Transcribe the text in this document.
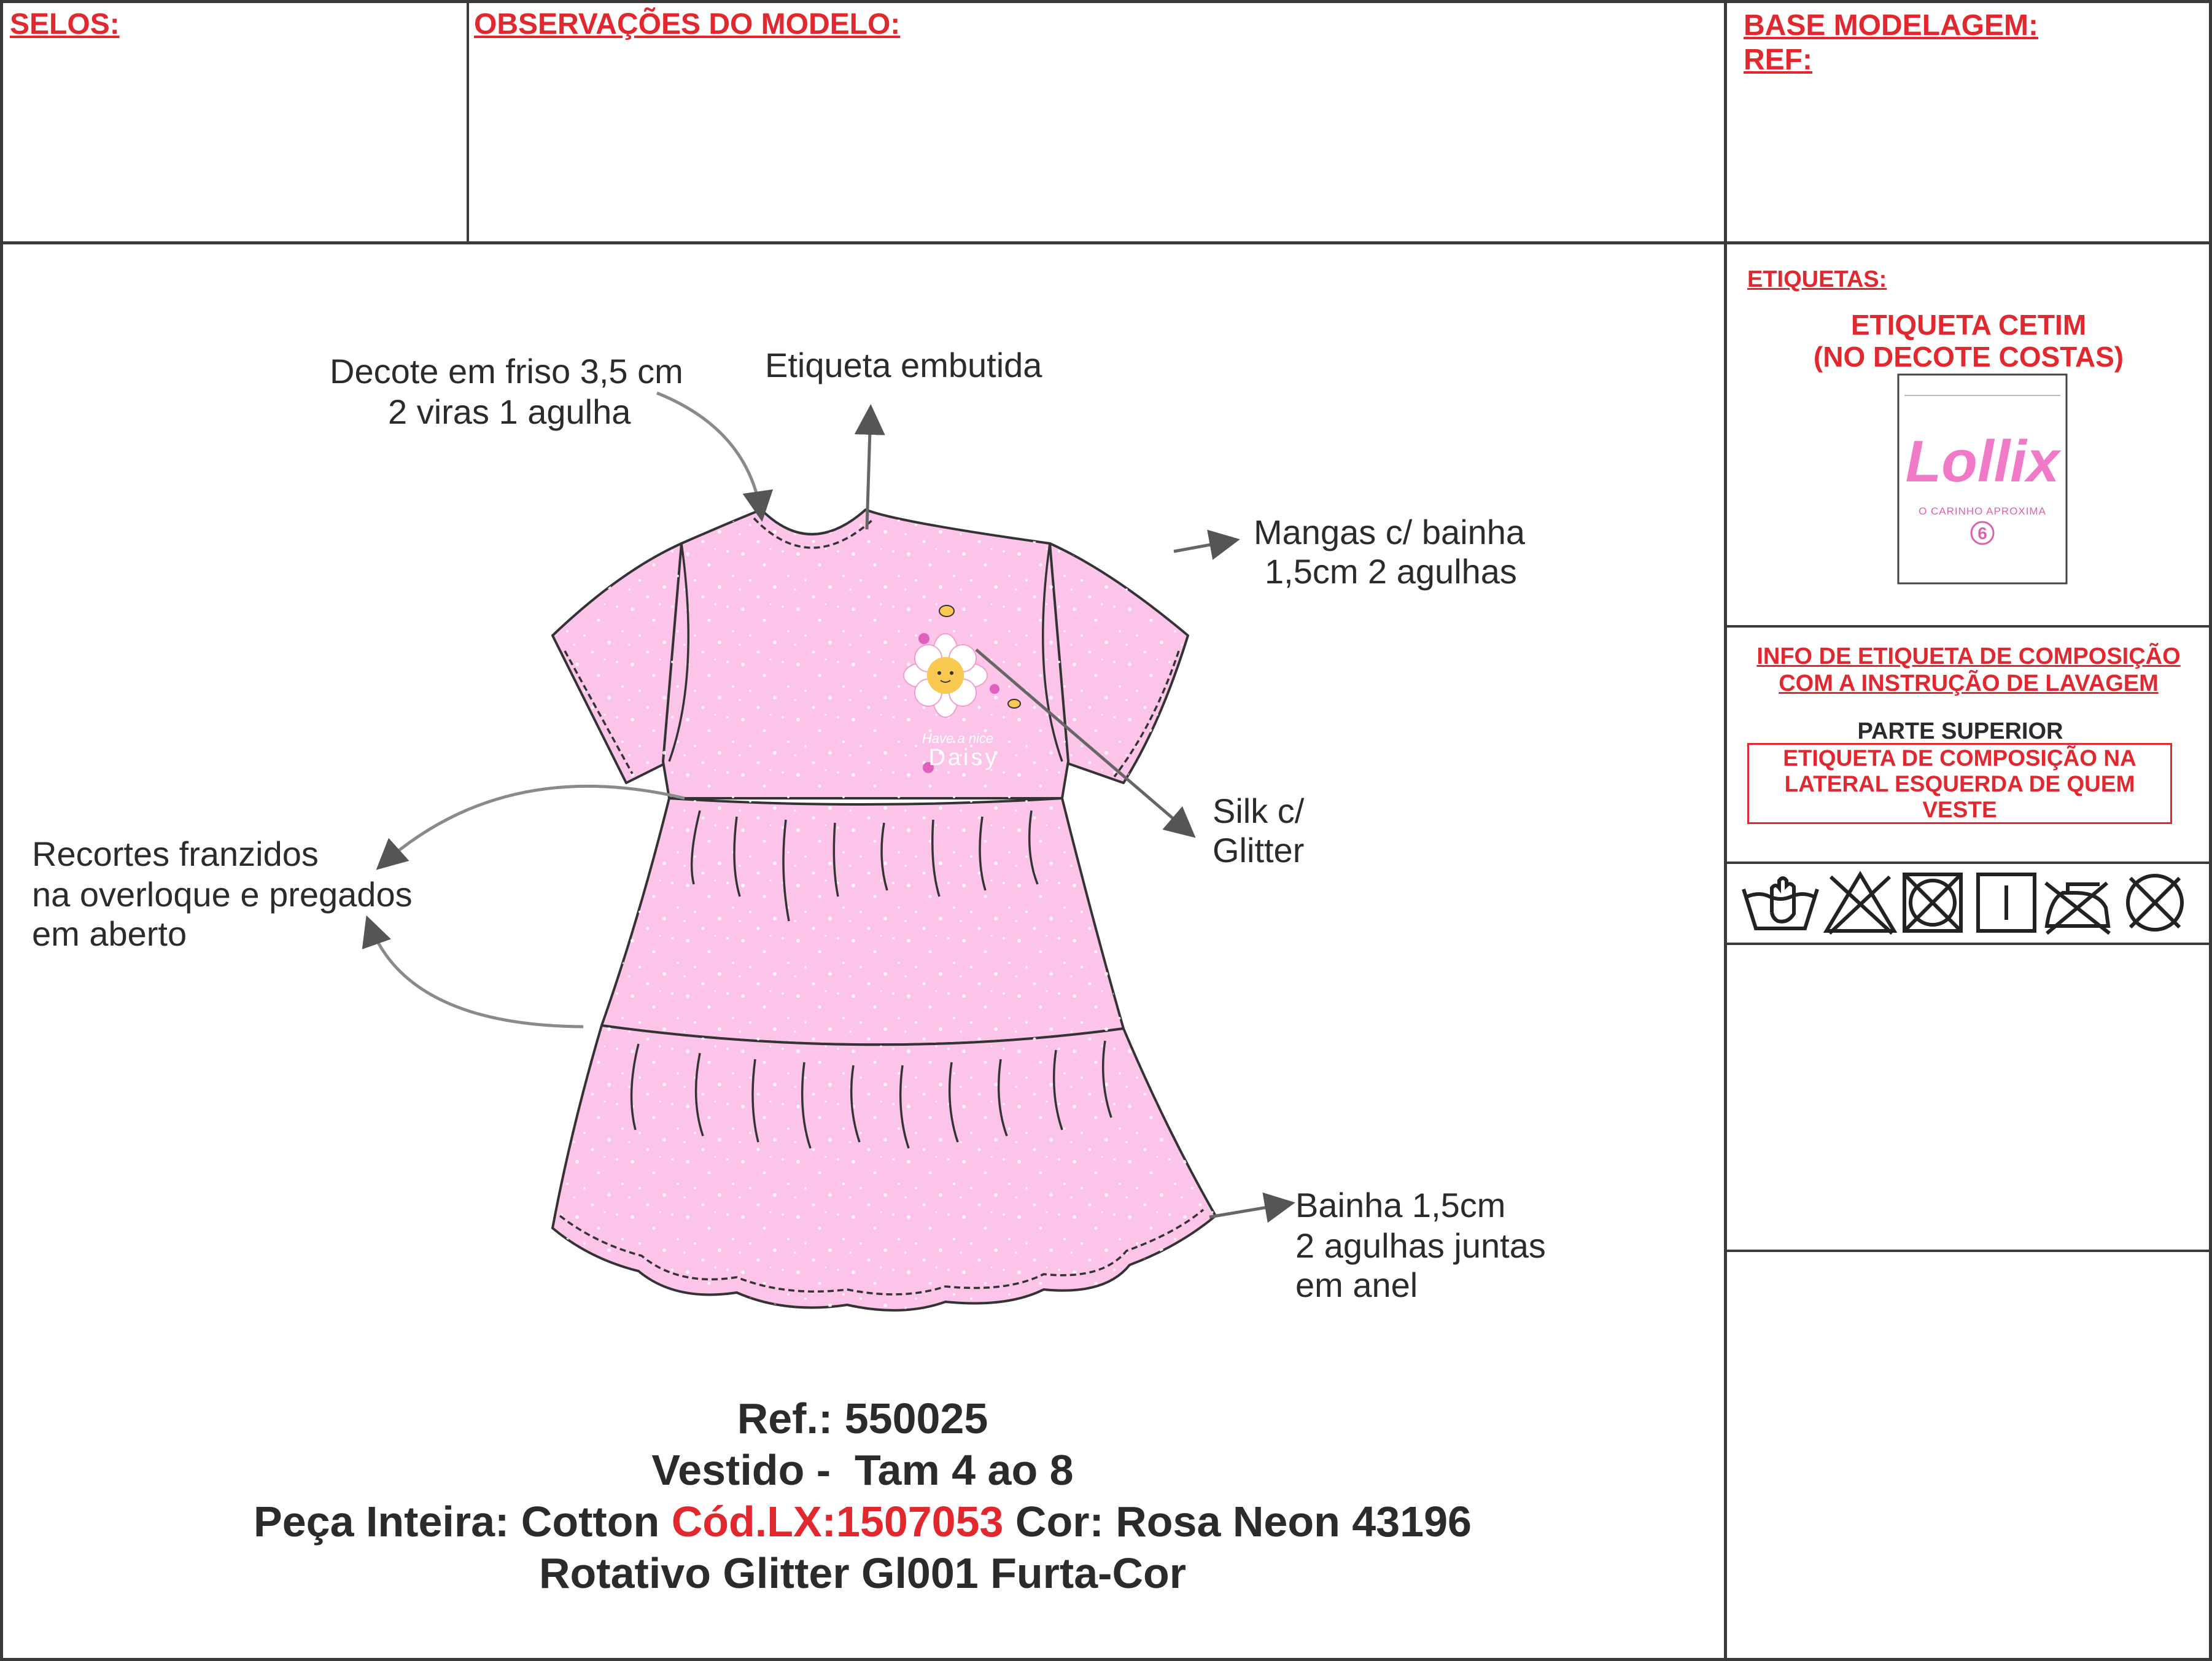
SELOS:	OBSERVAÇÕES DO MODELO:	BASE MODELAGEM:
REF:
ETIQUETAS:
ETIQUETA CETIM
(NO DECOTE COSTAS)
Lollix
O CARINHO APROXIMA
6
INFO DE ETIQUETA DE COMPOSIÇÃO
COM A INSTRUÇÃO DE LAVAGEM
PARTE SUPERIOR
ETIQUETA DE COMPOSIÇÃO NA
LATERAL ESQUERDA DE QUEM
VESTE
Have a nice
Daisy
Decote em friso 3,5 cm
2 viras 1 agulha
Etiqueta embutida
Mangas c/ bainha
1,5cm 2 agulhas
Silk c/
Glitter
Recortes franzidos
na overloque e pregados
em aberto
Bainha 1,5cm
2 agulhas juntas
em anel
Ref.: 550025
Vestido -  Tam 4 ao 8
Peça Inteira: Cotton Cód.LX:1507053 Cor: Rosa Neon 43196
Rotativo Glitter Gl001 Furta-Cor
